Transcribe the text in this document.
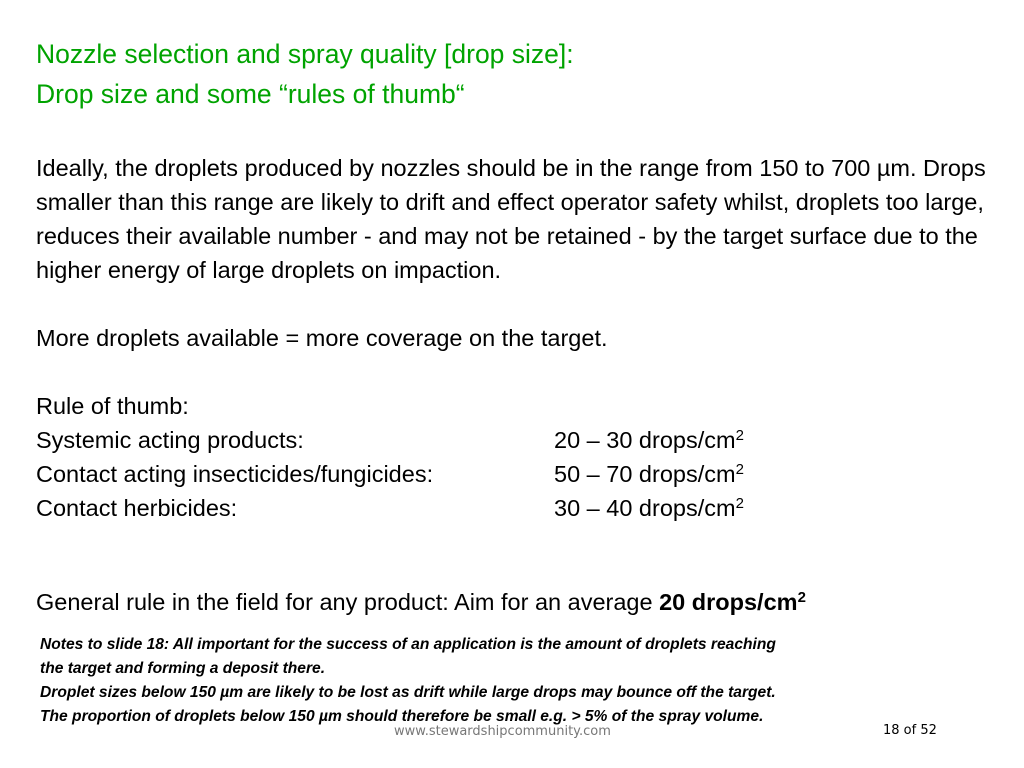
Nozzle selection and spray quality [drop size]:
Drop size and some “rules of thumb“

Ideally, the droplets produced by nozzles should be in the range from 150 to 700 µm. Drops smaller than this range are likely to drift and effect operator safety whilst, droplets too large, reduces their available number - and may not be retained - by the target surface due to the higher energy of large droplets on impaction.

More droplets available = more coverage on the target.

Rule of thumb:

Systemic acting products:	20 – 30 drops/$cm^2$
Contact acting insecticides/fungicides:	50 – 70 drops/$cm^2$
Contact herbicides:	30 – 40 drops/$cm^2$
General rule in the field for any product: Aim for an average 20 drops/$cm^2$

Notes to slide 18: All important for the success of an application is the amount of droplets reaching

the target and forming a deposit there.

Droplet sizes below 150 µm are likely to be lost as drift while large drops may bounce off the target.

The proportion of droplets below 150 µm should therefore be small e.g. > 5% of the spray volume.

www.stewardshipcommunity.com	18 of 52
